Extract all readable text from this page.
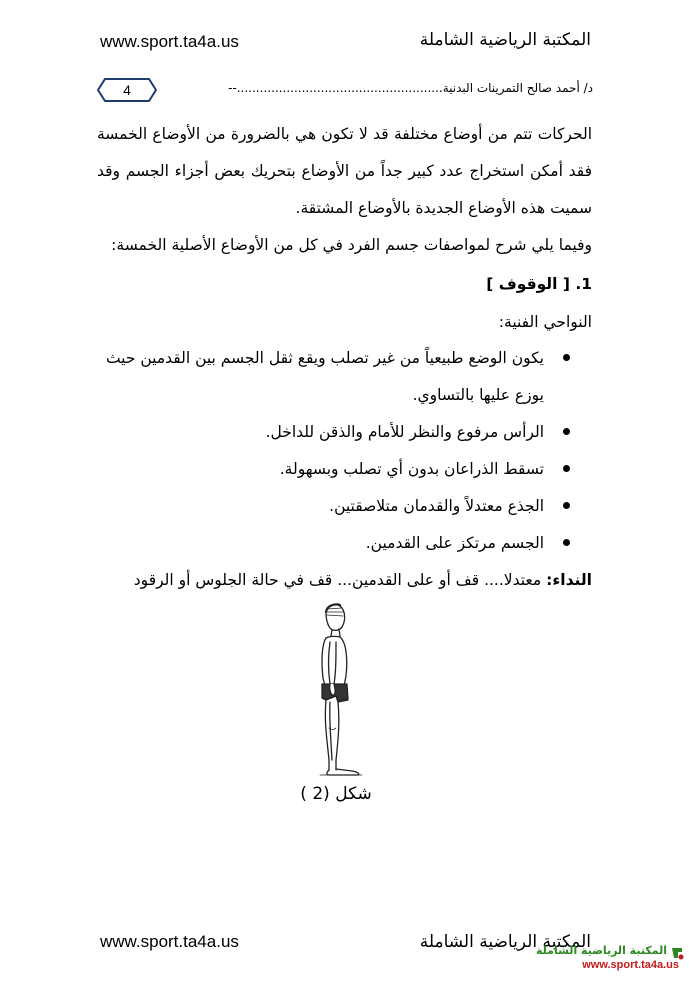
www.sport.ta4a.us	المكتبة الرياضية الشاملة
4	د/ أحمد صالح التمرينات البدنية......................................................--
الحركات تتم من أوضاع مختلفة قد لا تكون هي بالضرورة من الأوضاع الخمسة فقد أمكن استخراج عدد كبير جداً من الأوضاع بتحريك بعض أجزاء الجسم وقد سميت هذه الأوضاع الجديدة بالأوضاع المشتقة.
وفيما يلي شرح لمواصفات جسم الفرد في كل من الأوضاع الأصلية الخمسة:
1. [ الوقوف ]
النواحي الفنية:
يكون الوضع طبيعياً من غير تصلب ويقع ثقل الجسم بين القدمين حيث يوزع عليها بالتساوي.
الرأس مرفوع والنظر للأمام والذقن للداخل.
تسقط الذراعان بدون أي تصلب وبسهولة.
الجذع معتدلاً والقدمان متلاصقتين.
الجسم مرتكز على القدمين.
النداء: معتدلا.... قف أو على القدمين... قف في حالة الجلوس أو الرقود
شكل (2 )
www.sport.ta4a.us	المكتبة الرياضية الشاملة
المكتبة الرياضية الشاملة
www.sport.ta4a.us
